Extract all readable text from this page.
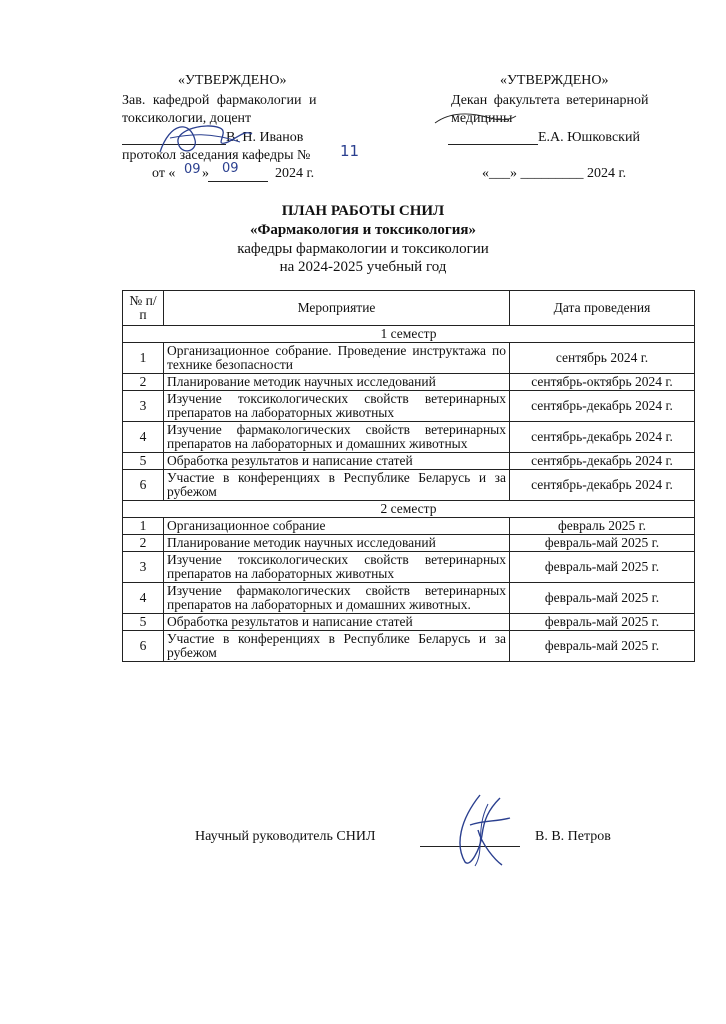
«УТВЕРЖДЕНО»
Зав. кафедрой фармакологии и
токсикологии, доцент
В. Н. Иванов
протокол заседания кафедры № 11
от « 09 » 09	2024 г.
«УТВЕРЖДЕНО»
Декан факультета ветеринарной
медицины
Е.А. Юшковский
«___» _________ 2024 г.
ПЛАН РАБОТЫ СНИЛ
«Фармакология и токсикология»
кафедры фармакологии и токсикологии
на 2024-2025 учебный год
№ п/п	Мероприятие	Дата проведения
1 семестр		
1	Организационное собрание. Проведение инструктажа по технике безопасности	сентябрь 2024 г.
2	Планирование методик научных исследований	сентябрь-октябрь 2024 г.
3	Изучение токсикологических свойств ветеринарных препаратов на лабораторных животных	сентябрь-декабрь 2024 г.
4	Изучение фармакологических свойств ветеринарных препаратов на лабораторных и домашних животных	сентябрь-декабрь 2024 г.
5	Обработка результатов и написание статей	сентябрь-декабрь 2024 г.
6	Участие в конференциях в Республике Беларусь и за рубежом	сентябрь-декабрь 2024 г.
2 семестр		
1	Организационное собрание	февраль 2025 г.
2	Планирование методик научных исследований	февраль-май 2025 г.
3	Изучение токсикологических свойств ветеринарных препаратов на лабораторных животных	февраль-май 2025 г.
4	Изучение фармакологических свойств ветеринарных препаратов на лабораторных и домашних животных.	февраль-май 2025 г.
5	Обработка результатов и написание статей	февраль-май 2025 г.
6	Участие в конференциях в Республике Беларусь и за рубежом	февраль-май 2025 г.
Научный руководитель СНИЛ	В. В. Петров
